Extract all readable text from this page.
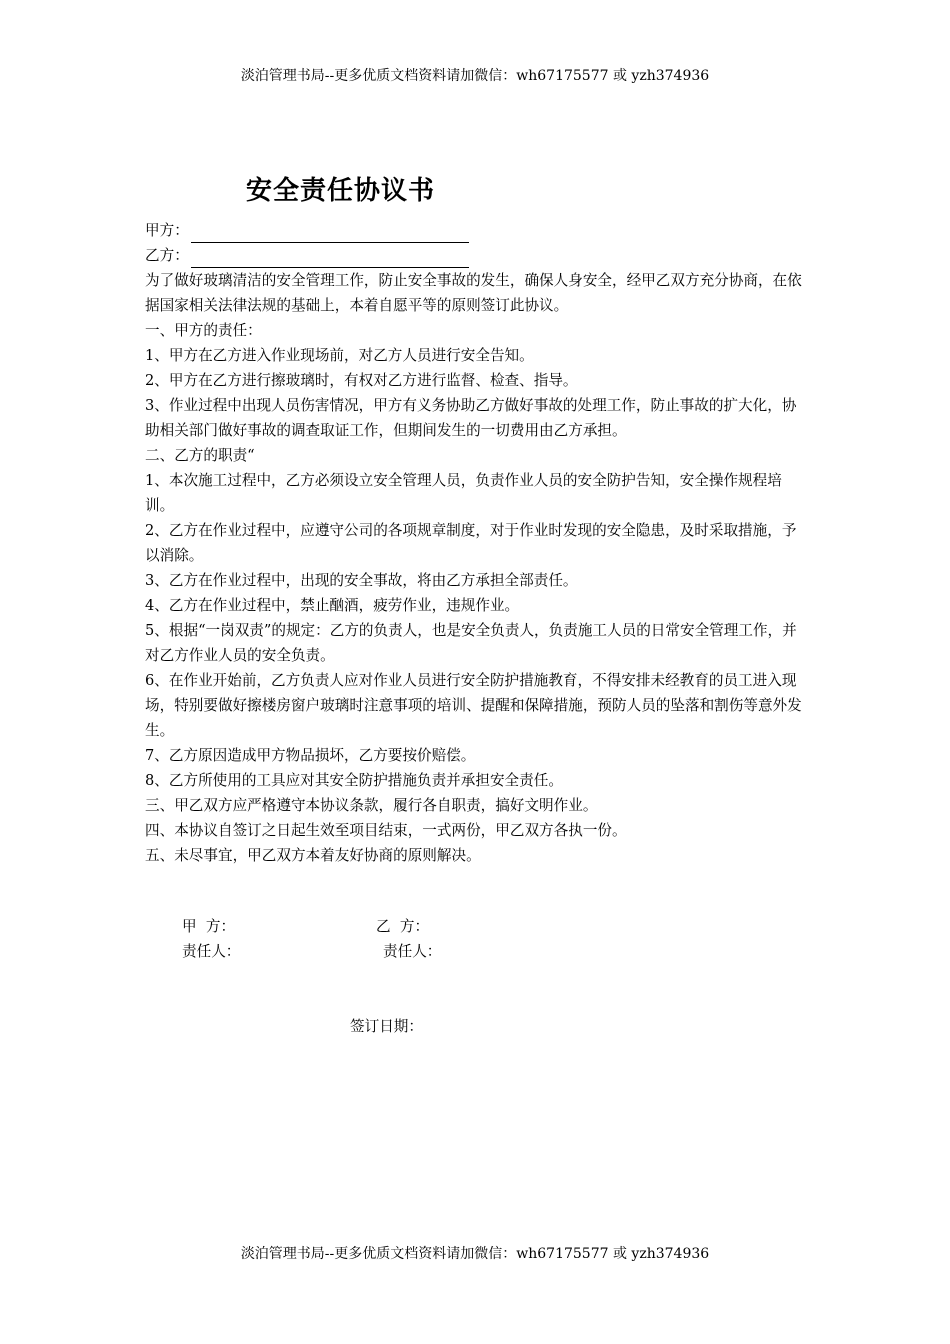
淡泊管理书局--更多优质文档资料请加微信：wh67175577 或 yzh374936
安全责任协议书

甲方：

乙方：

为了做好玻璃清洁的安全管理工作，防止安全事故的发生，确保人身安全，经甲乙双方充分协商，在依据国家相关法律法规的基础上，本着自愿平等的原则签订此协议。

一、甲方的责任：

1、甲方在乙方进入作业现场前，对乙方人员进行安全告知。

2、甲方在乙方进行擦玻璃时，有权对乙方进行监督、检查、指导。

3、作业过程中出现人员伤害情况，甲方有义务协助乙方做好事故的处理工作，防止事故的扩大化，协助相关部门做好事故的调查取证工作，但期间发生的一切费用由乙方承担。

二、乙方的职责“

1、本次施工过程中，乙方必须设立安全管理人员，负责作业人员的安全防护告知，安全操作规程培训。

2、乙方在作业过程中，应遵守公司的各项规章制度，对于作业时发现的安全隐患，及时采取措施，予以消除。

3、乙方在作业过程中，出现的安全事故，将由乙方承担全部责任。

4、乙方在作业过程中，禁止酗酒，疲劳作业，违规作业。

5、根据“一岗双责”的规定：乙方的负责人，也是安全负责人，负责施工人员的日常安全管理工作，并对乙方作业人员的安全负责。

6、在作业开始前，乙方负责人应对作业人员进行安全防护措施教育，不得安排未经教育的员工进入现场，特别要做好擦楼房窗户玻璃时注意事项的培训、提醒和保障措施，预防人员的坠落和割伤等意外发生。

7、乙方原因造成甲方物品损坏，乙方要按价赔偿。

8、乙方所使用的工具应对其安全防护措施负责并承担安全责任。

三、甲乙双方应严格遵守本协议条款，履行各自职责，搞好文明作业。

四、本协议自签订之日起生效至项目结束，一式两份，甲乙双方各执一份。

五、未尽事宜，甲乙双方本着友好协商的原则解决。

甲  方：	乙  方：
责任人：	责任人：
签订日期：
淡泊管理书局--更多优质文档资料请加微信：wh67175577 或 yzh374936
